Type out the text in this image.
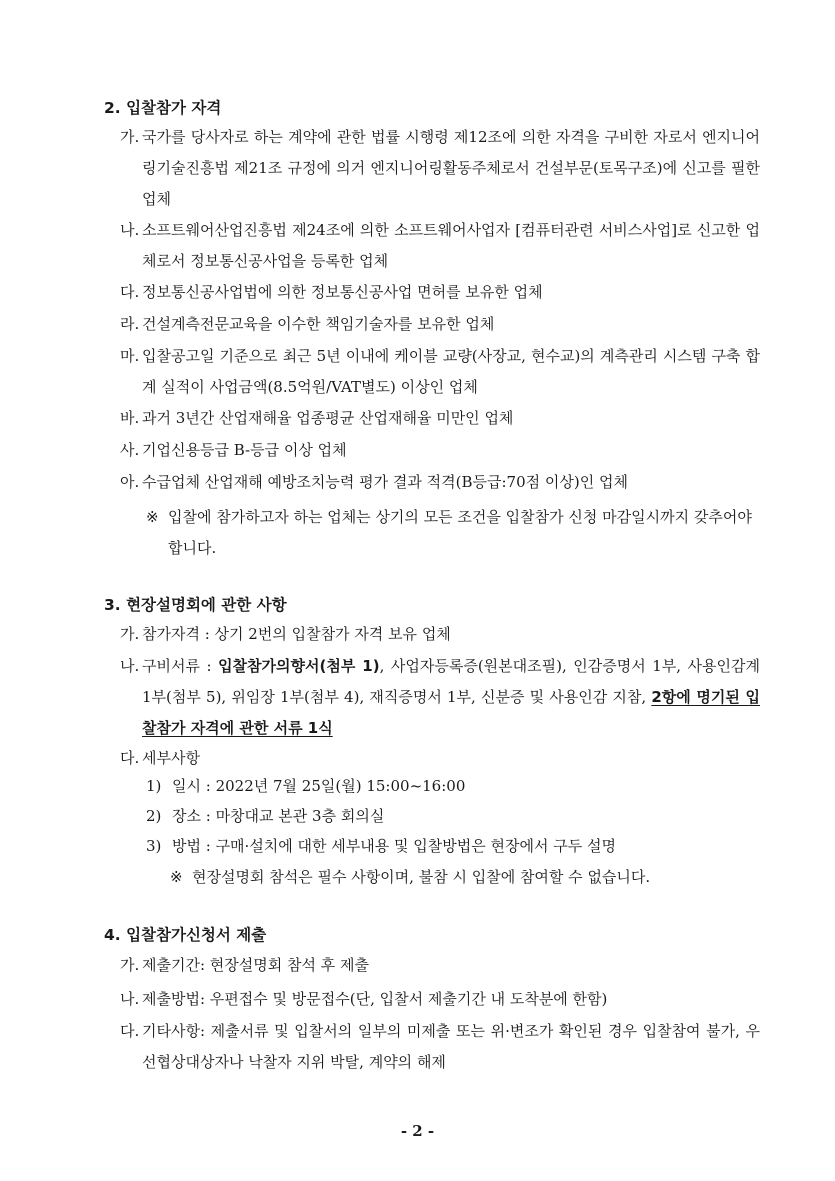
2. 입찰참가 자격
가. 국가를 당사자로 하는 계약에 관한 법률 시행령 제12조에 의한 자격을 구비한 자로서 엔지니어링기술진흥법 제21조 규정에 의거 엔지니어링활동주체로서 건설부문(토목구조)에 신고를 필한 업체
나. 소프트웨어산업진흥법 제24조에 의한 소프트웨어사업자 [컴퓨터관련 서비스사업]로 신고한 업체로서 정보통신공사업을 등록한 업체
다. 정보통신공사업법에 의한 정보통신공사업 면허를 보유한 업체
라. 건설계측전문교육을 이수한 책임기술자를 보유한 업체
마. 입찰공고일 기준으로 최근 5년 이내에 케이블 교량(사장교, 현수교)의 계측관리 시스템 구축 합계 실적이 사업금액(8.5억원/VAT별도) 이상인 업체
바. 과거 3년간 산업재해율 업종평균 산업재해율 미만인 업체
사. 기업신용등급 B-등급 이상 업체
아. 수급업체 산업재해 예방조치능력 평가 결과 적격(B등급:70점 이상)인 업체
※ 입찰에 참가하고자 하는 업체는 상기의 모든 조건을 입찰참가 신청 마감일시까지 갖추어야 합니다.
3. 현장설명회에 관한 사항
가. 참가자격 : 상기 2번의 입찰참가 자격 보유 업체
나. 구비서류 : 입찰참가의향서(첨부 1), 사업자등록증(원본대조필), 인감증명서 1부, 사용인감계 1부(첨부 5), 위임장 1부(첨부 4), 재직증명서 1부, 신분증 및 사용인감 지참, 2항에 명기된 입찰참가 자격에 관한 서류 1식
다. 세부사항
1) 일시 : 2022년 7월 25일(월) 15:00~16:00
2) 장소 : 마창대교 본관 3층 회의실
3) 방법 : 구매·설치에 대한 세부내용 및 입찰방법은 현장에서 구두 설명
※ 현장설명회 참석은 필수 사항이며, 불참 시 입찰에 참여할 수 없습니다.
4. 입찰참가신청서 제출
가. 제출기간: 현장설명회 참석 후 제출
나. 제출방법: 우편접수 및 방문접수(단, 입찰서 제출기간 내 도착분에 한함)
다. 기타사항: 제출서류 및 입찰서의 일부의 미제출 또는 위·변조가 확인된 경우 입찰참여 불가, 우선협상대상자나 낙찰자 지위 박탈, 계약의 해제
- 2 -
